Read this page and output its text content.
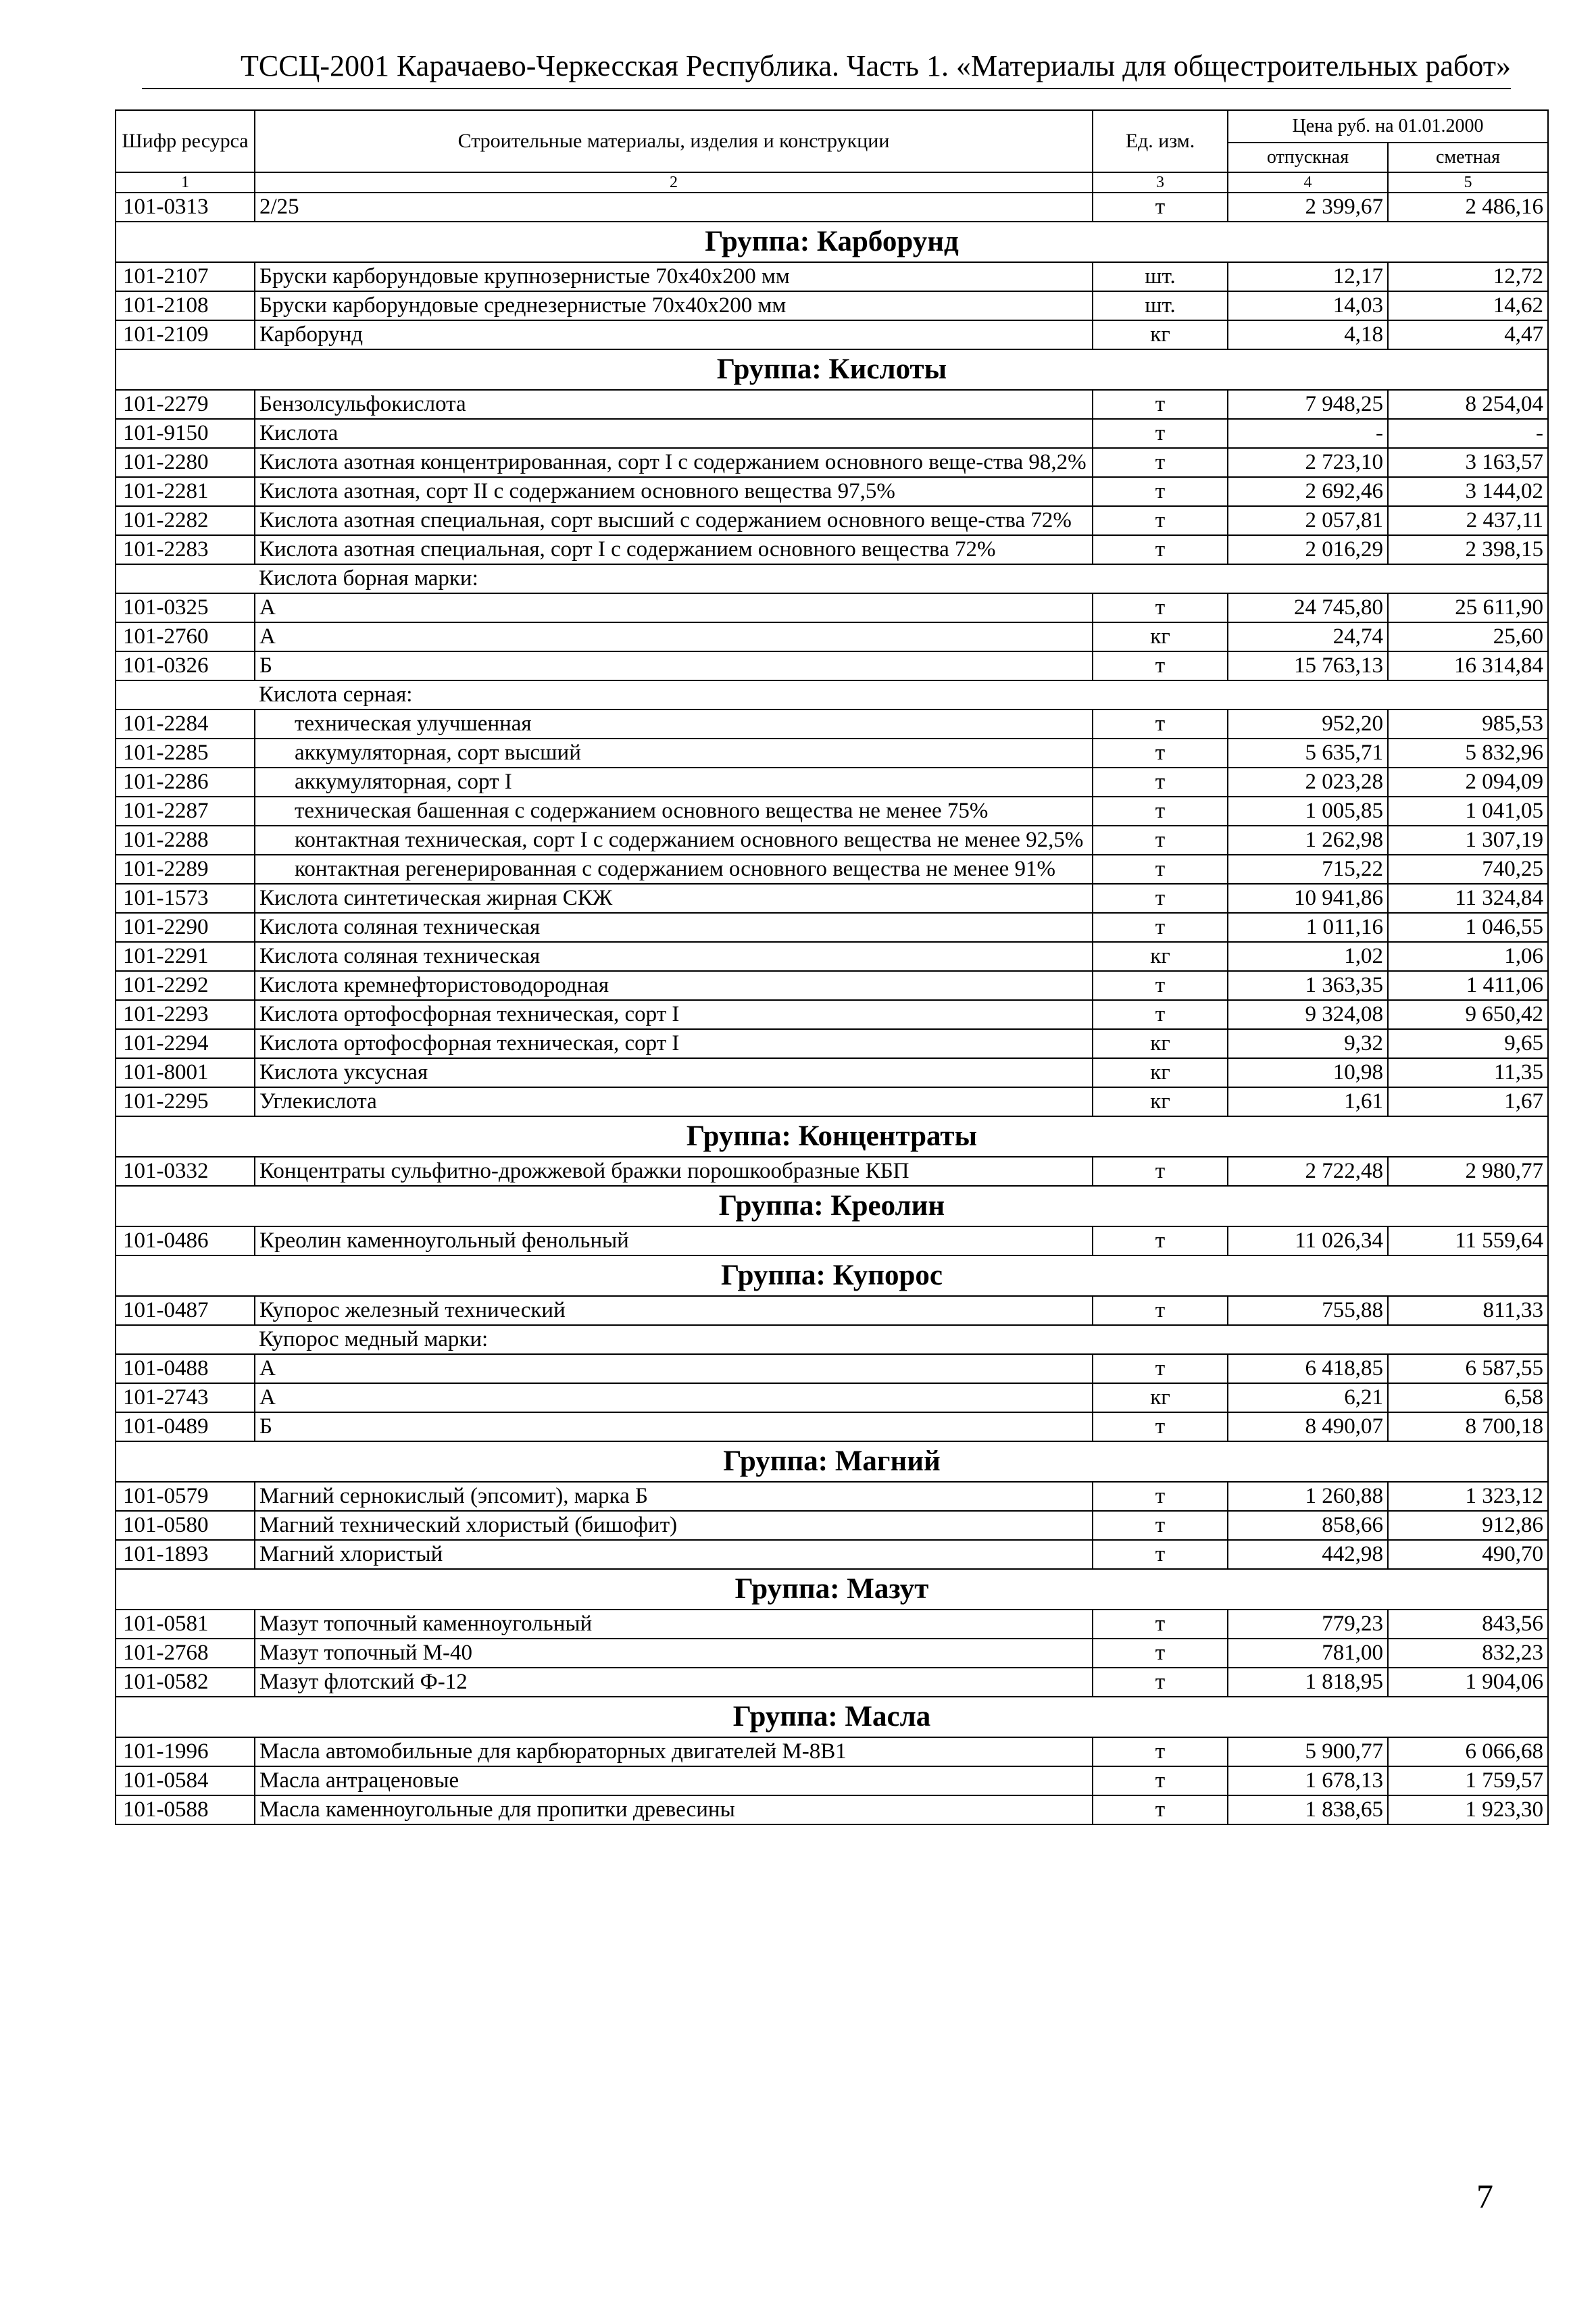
ТССЦ-2001 Карачаево-Черкесская Республика. Часть 1. «Материалы для общестроительных работ»
Шифр ресурса	Строительные материалы, изделия и конструкции	Ед. изм.	Цена руб. на 01.01.2000	
			отпускная	сметная
1	2	3	4	5
101-0313	2/25	т	2 399,67	2 486,16
Группа: Карборунд				
101-2107	Бруски карборундовые крупнозернистые 70х40х200 мм	шт.	12,17	12,72
101-2108	Бруски карборундовые среднезернистые 70х40х200 мм	шт.	14,03	14,62
101-2109	Карборунд	кг	4,18	4,47
Группа: Кислоты				
101-2279	Бензолсульфокислота	т	7 948,25	8 254,04
101-9150	Кислота	т	-	-
101-2280	Кислота азотная концентрированная, сорт I с содержанием основного веще-ства 98,2%	т	2 723,10	3 163,57
101-2281	Кислота азотная, сорт II с содержанием основного вещества 97,5%	т	2 692,46	3 144,02
101-2282	Кислота азотная специальная, сорт высший с содержанием основного веще-ства 72%	т	2 057,81	2 437,11
101-2283	Кислота азотная специальная, сорт I с содержанием основного вещества 72%	т	2 016,29	2 398,15
	Кислота борная марки:			
101-0325	А	т	24 745,80	25 611,90
101-2760	А	кг	24,74	25,60
101-0326	Б	т	15 763,13	16 314,84
	Кислота серная:			
101-2284	техническая улучшенная	т	952,20	985,53
101-2285	аккумуляторная, сорт высший	т	5 635,71	5 832,96
101-2286	аккумуляторная, сорт I	т	2 023,28	2 094,09
101-2287	техническая башенная с содержанием основного вещества не менее 75%	т	1 005,85	1 041,05
101-2288	контактная техническая, сорт I с содержанием основного вещества не менее 92,5%	т	1 262,98	1 307,19
101-2289	контактная регенерированная с содержанием основного вещества не менее 91%	т	715,22	740,25
101-1573	Кислота синтетическая жирная СКЖ	т	10 941,86	11 324,84
101-2290	Кислота соляная техническая	т	1 011,16	1 046,55
101-2291	Кислота соляная техническая	кг	1,02	1,06
101-2292	Кислота кремнефтористоводородная	т	1 363,35	1 411,06
101-2293	Кислота ортофосфорная техническая, сорт I	т	9 324,08	9 650,42
101-2294	Кислота ортофосфорная техническая, сорт I	кг	9,32	9,65
101-8001	Кислота уксусная	кг	10,98	11,35
101-2295	Углекислота	кг	1,61	1,67
Группа: Концентраты				
101-0332	Концентраты сульфитно-дрожжевой бражки порошкообразные КБП	т	2 722,48	2 980,77
Группа: Креолин				
101-0486	Креолин каменноугольный фенольный	т	11 026,34	11 559,64
Группа: Купорос				
101-0487	Купорос железный технический	т	755,88	811,33
	Купорос медный марки:			
101-0488	А	т	6 418,85	6 587,55
101-2743	А	кг	6,21	6,58
101-0489	Б	т	8 490,07	8 700,18
Группа: Магний				
101-0579	Магний сернокислый (эпсомит), марка Б	т	1 260,88	1 323,12
101-0580	Магний технический хлористый (бишофит)	т	858,66	912,86
101-1893	Магний хлористый	т	442,98	490,70
Группа: Мазут				
101-0581	Мазут топочный каменноугольный	т	779,23	843,56
101-2768	Мазут топочный М-40	т	781,00	832,23
101-0582	Мазут флотский Ф-12	т	1 818,95	1 904,06
Группа: Масла				
101-1996	Масла автомобильные для карбюраторных двигателей М-8В1	т	5 900,77	6 066,68
101-0584	Масла антраценовые	т	1 678,13	1 759,57
101-0588	Масла каменноугольные для пропитки древесины	т	1 838,65	1 923,30
7
